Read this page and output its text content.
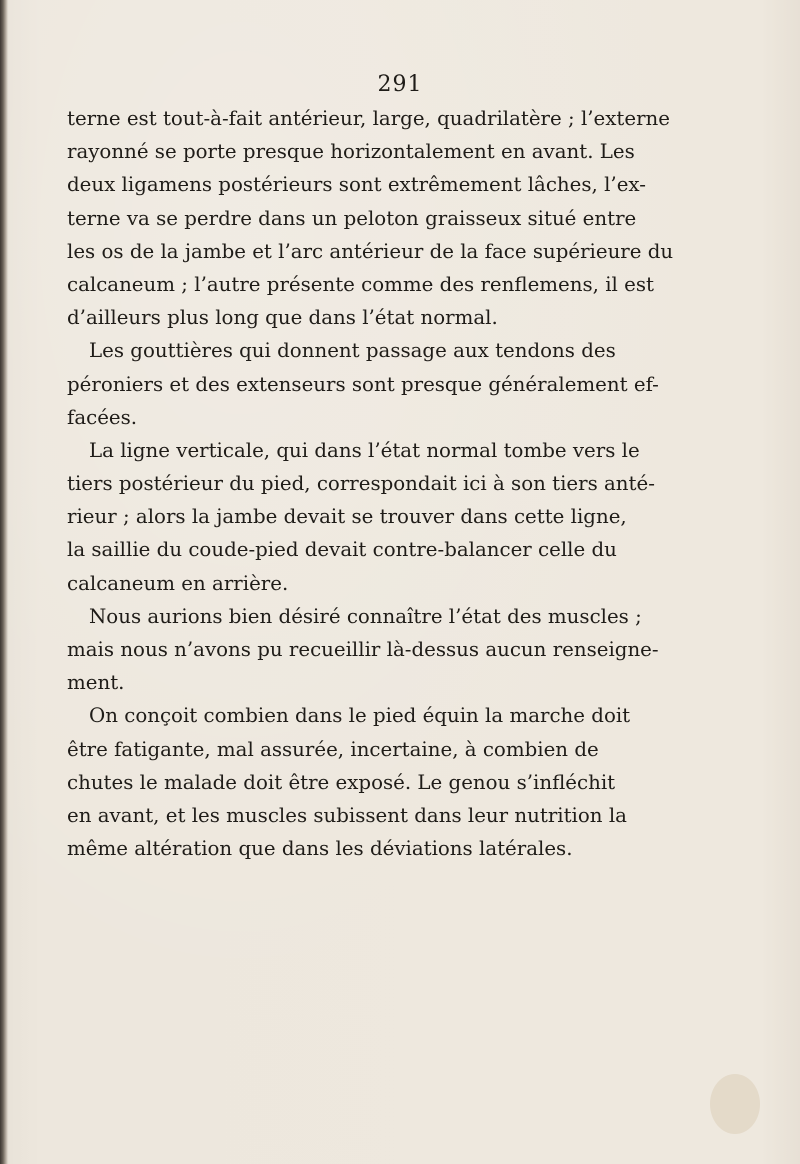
291
terne est tout-à-fait antérieur, large, quadrilatère ; l’externe
rayonné se porte presque horizontalement en avant. Les
deux ligamens postérieurs sont extrêmement lâches, l’ex-
terne va se perdre dans un peloton graisseux situé entre
les os de la jambe et l’arc antérieur de la face supérieure du
calcaneum ; l’autre présente comme des renflemens, il est
d’ailleurs plus long que dans l’état normal.
Les gouttières qui donnent passage aux tendons des
péroniers et des extenseurs sont presque généralement ef-
facées.
La ligne verticale, qui dans l’état normal tombe vers le
tiers postérieur du pied, correspondait ici à son tiers anté-
rieur ; alors la jambe devait se trouver dans cette ligne,
la saillie du coude-pied devait contre-balancer celle du
calcaneum en arrière.
Nous aurions bien désiré connaître l’état des muscles ;
mais nous n’avons pu recueillir là-dessus aucun renseigne-
ment.
On conçoit combien dans le pied équin la marche doit
être fatigante, mal assurée, incertaine, à combien de
chutes le malade doit être exposé. Le genou s’infléchit
en avant, et les muscles subissent dans leur nutrition la
même altération que dans les déviations latérales.
